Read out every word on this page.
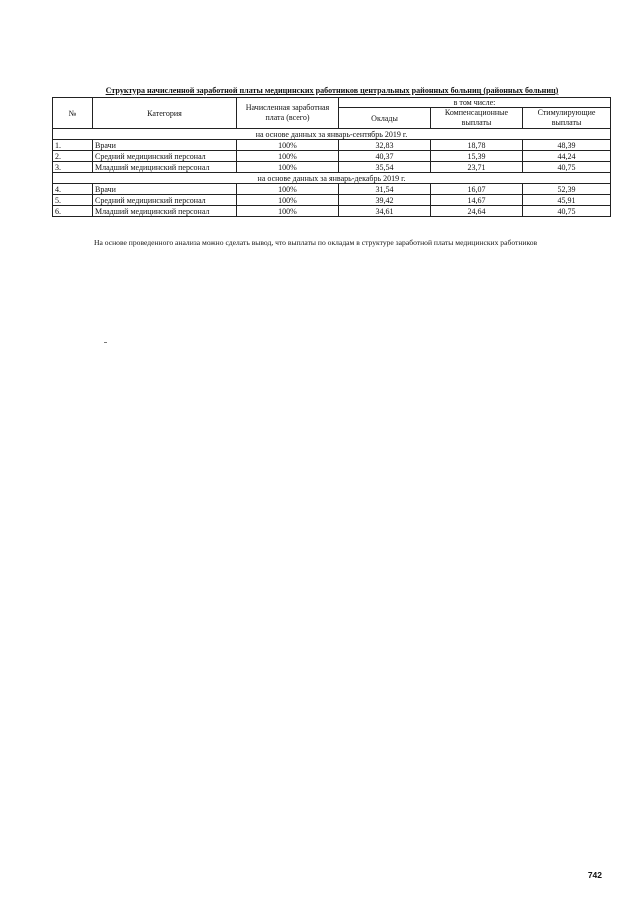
Структура начисленной заработной платы медицинских работников центральных районных больниц (районных больниц)
№	Категория	Начисленная заработная плата (всего)	в том числе:		
			Оклады	Компенсационные выплаты	Стимулирующие выплаты
на основе данных за январь-сентябрь 2019 г.					
1.	Врачи	100%	32,83	18,78	48,39
2.	Средний медицинский персонал	100%	40,37	15,39	44,24
3.	Младший медицинский персонал	100%	35,54	23,71	40,75
на основе данных за январь-декабрь 2019 г.					
4.	Врачи	100%	31,54	16,07	52,39
5.	Средний медицинский персонал	100%	39,42	14,67	45,91
6.	Младший медицинский персонал	100%	34,61	24,64	40,75
На основе проведенного анализа можно сделать вывод, что выплаты по окладам в структуре заработной платы медицинских работников
742
